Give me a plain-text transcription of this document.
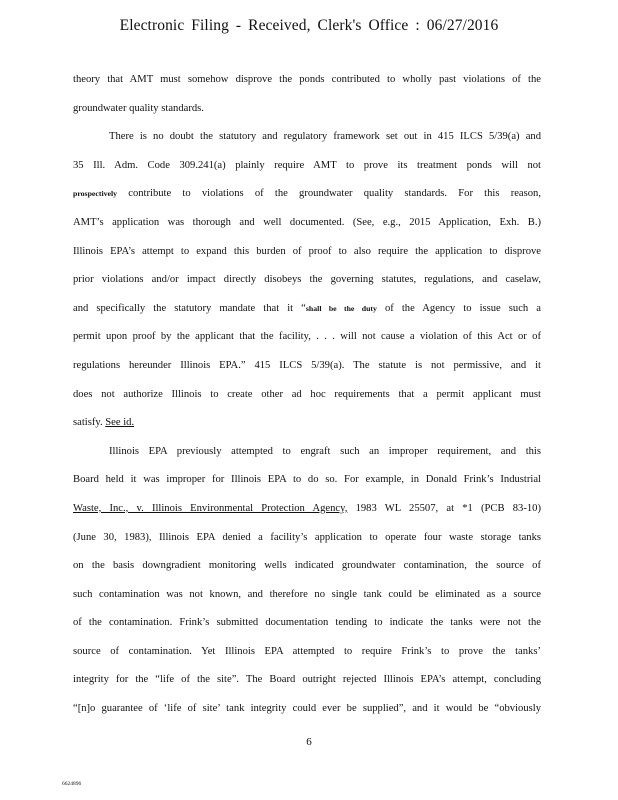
Electronic Filing - Received, Clerk's Office : 06/27/2016
theory that AMT must somehow disprove the ponds contributed to wholly past violations of the
groundwater quality standards.
There is no doubt the statutory and regulatory framework set out in 415 ILCS 5/39(a) and
35 Ill. Adm. Code 309.241(a) plainly require AMT to prove its treatment ponds will not
prospectively contribute to violations of the groundwater quality standards. For this reason,
AMT’s application was thorough and well documented. (See, e.g., 2015 Application, Exh. B.)
Illinois EPA’s attempt to expand this burden of proof to also require the application to disprove
prior violations and/or impact directly disobeys the governing statutes, regulations, and caselaw,
and specifically the statutory mandate that it “shall be the duty of the Agency to issue such a
permit upon proof by the applicant that the facility, . . . will not cause a violation of this Act or of
regulations hereunder Illinois EPA.” 415 ILCS 5/39(a). The statute is not permissive, and it
does not authorize Illinois to create other ad hoc requirements that a permit applicant must
satisfy. See id.
Illinois EPA previously attempted to engraft such an improper requirement, and this
Board held it was improper for Illinois EPA to do so. For example, in Donald Frink’s Industrial
Waste, Inc., v. Illinois Environmental Protection Agency, 1983 WL 25507, at *1 (PCB 83-10)
(June 30, 1983), Illinois EPA denied a facility’s application to operate four waste storage tanks
on the basis downgradient monitoring wells indicated groundwater contamination, the source of
such contamination was not known, and therefore no single tank could be eliminated as a source
of the contamination. Frink’s submitted documentation tending to indicate the tanks were not the
source of contamination. Yet Illinois EPA attempted to require Frink’s to prove the tanks’
integrity for the “life of the site”. The Board outright rejected Illinois EPA’s attempt, concluding
“[n]o guarantee of ‘life of site’ tank integrity could ever be supplied”, and it would be “obviously
6
6624896
